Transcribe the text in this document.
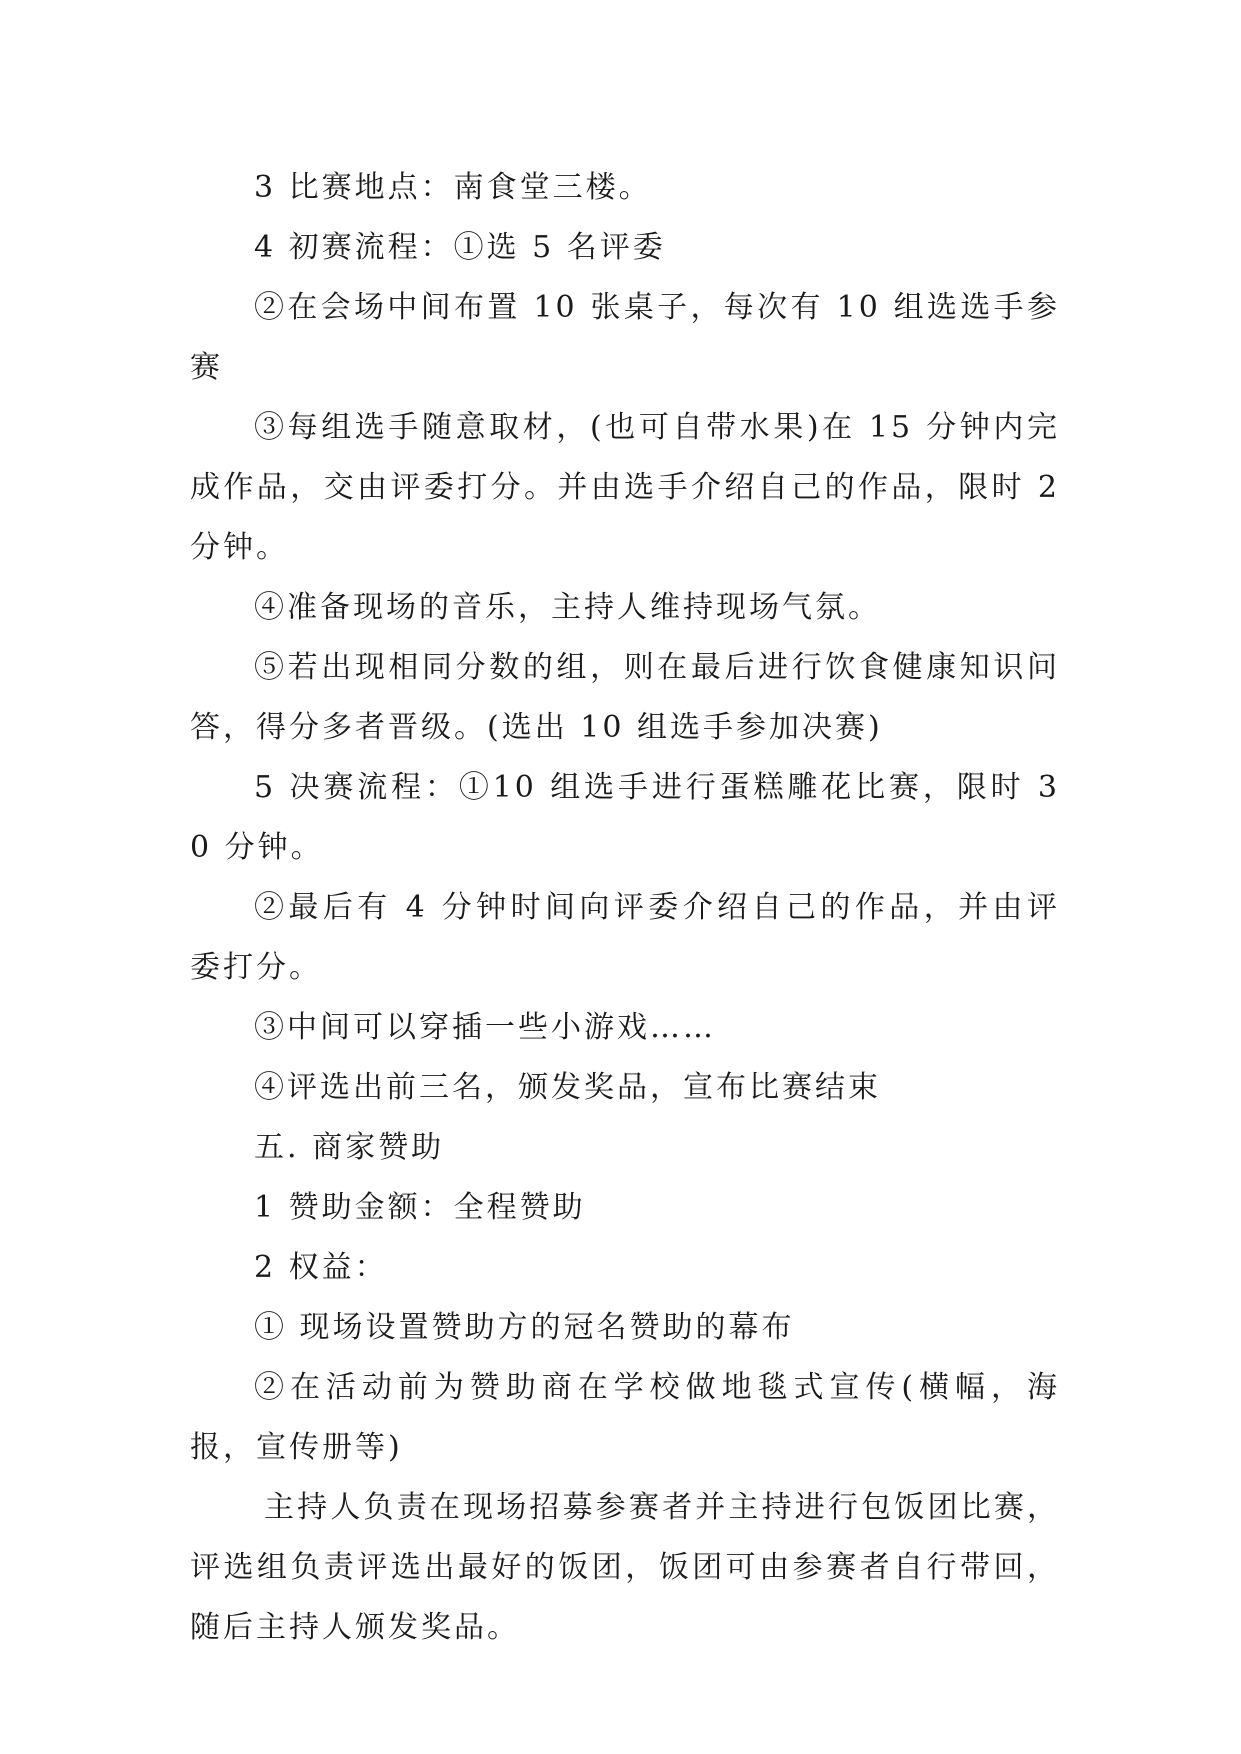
3 比赛地点：南食堂三楼。

4 初赛流程：①选 5 名评委

②在会场中间布置 10 张桌子，每次有 10 组选选手参赛

③每组选手随意取材，(也可自带水果)在 15 分钟内完成作品，交由评委打分。并由选手介绍自己的作品，限时 2 分钟。

④准备现场的音乐，主持人维持现场气氛。

⑤若出现相同分数的组，则在最后进行饮食健康知识问答，得分多者晋级。(选出 10 组选手参加决赛)

5 决赛流程：①10 组选手进行蛋糕雕花比赛，限时 30 分钟。

②最后有 4 分钟时间向评委介绍自己的作品，并由评委打分。

③中间可以穿插一些小游戏……

④评选出前三名，颁发奖品，宣布比赛结束

五. 商家赞助

1 赞助金额：全程赞助

2 权益：

① 现场设置赞助方的冠名赞助的幕布

②在活动前为赞助商在学校做地毯式宣传(横幅，海报，宣传册等)

主持人负责在现场招募参赛者并主持进行包饭团比赛，评选组负责评选出最好的饭团，饭团可由参赛者自行带回，随后主持人颁发奖品。
